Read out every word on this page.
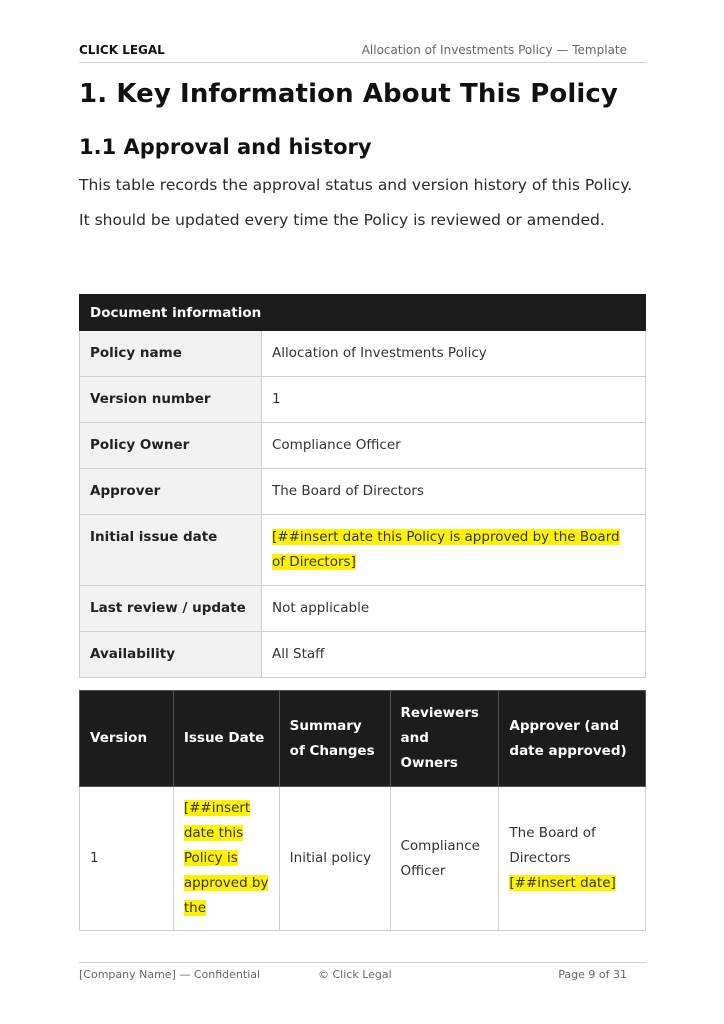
CLICK LEGAL	Allocation of Investments Policy — Template
1. Key Information About This Policy
1.1 Approval and history

This table records the approval status and version history of this Policy. It should be updated every time the Policy is reviewed or amended.

Document information	
Policy name	Allocation of Investments Policy
Version number	1
Policy Owner	Compliance Officer
Approver	The Board of Directors
Initial issue date	[##insert date this Policy is approved by the Board of Directors]
Last review / update	Not applicable
Availability	All Staff
Version	Issue Date	Summary of Changes	Reviewers and Owners	Approver (and date approved)
1	[##insert date this Policy is approved by the	Initial policy	Compliance Officer	The Board of Directors [##insert date]
[Company Name] — Confidential	© Click Legal	Page 9 of 31
